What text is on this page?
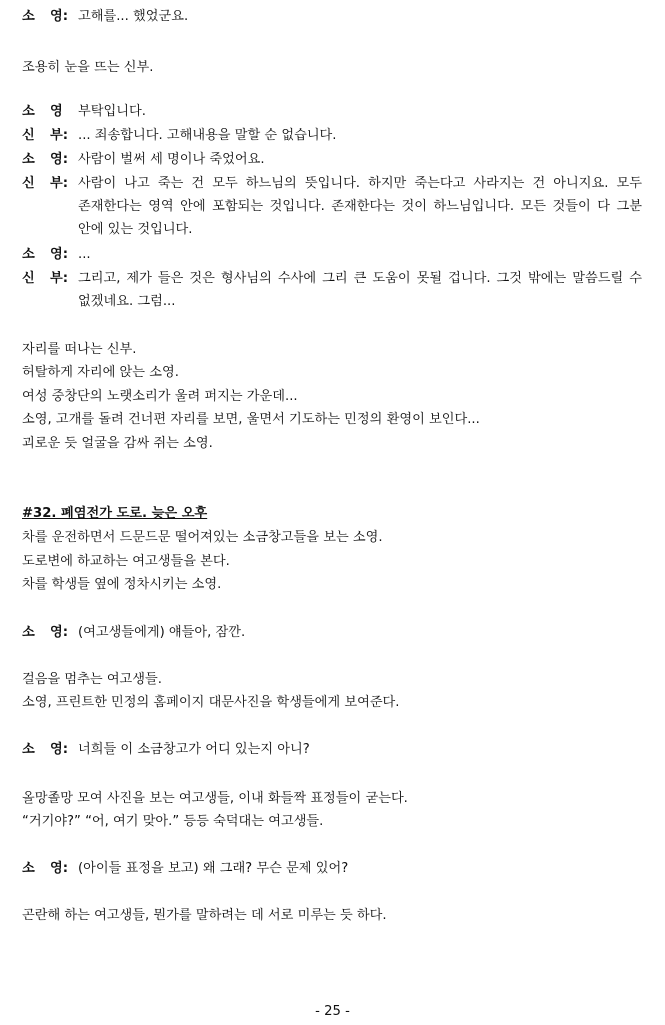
소 영: 고해를... 했었군요.
조용히 눈을 뜨는 신부.
소 영	부탁입니다.
신 부: ... 죄송합니다. 고해내용을 말할 순 없습니다.
소 영: 사람이 벌써 세 명이나 죽었어요.
신 부: 사람이 나고 죽는 건 모두 하느님의 뜻입니다. 하지만 죽는다고 사라지는 건 아니지요. 모두 존재한다는 영역 안에 포함되는 것입니다. 존재한다는 것이 하느님입니다. 모든 것들이 다 그분 안에 있는 것입니다.
소 영: ...
신 부: 그리고, 제가 들은 것은 형사님의 수사에 그리 큰 도움이 못될 겁니다. 그것 밖에는 말씀드릴 수 없겠네요. 그럼...
자리를 떠나는 신부.
허탈하게 자리에 앉는 소영.
여성 중창단의 노랫소리가 울려 퍼지는 가운데...
소영, 고개를 돌려 건너편 자리를 보면, 울면서 기도하는 민정의 환영이 보인다...
괴로운 듯 얼굴을 감싸 쥐는 소영.
#32. 폐염전가 도로. 늦은 오후
차를 운전하면서 드문드문 떨어져있는 소금창고들을 보는 소영.
도로변에 하교하는 여고생들을 본다.
차를 학생들 옆에 정차시키는 소영.
소 영: (여고생들에게) 얘들아, 잠깐.
걸음을 멈추는 여고생들.
소영, 프린트한 민정의 홈페이지 대문사진을 학생들에게 보여준다.
소 영: 너희들 이 소금창고가 어디 있는지 아니?
올망졸망 모여 사진을 보는 여고생들, 이내 화들짝 표정들이 굳는다.
“거기야?” “어, 여기 맞아.” 등등 숙덕대는 여고생들.
소 영: (아이들 표정을 보고) 왜 그래? 무슨 문제 있어?
곤란해 하는 여고생들, 뭔가를 말하려는 데 서로 미루는 듯 하다.
- 25 -
